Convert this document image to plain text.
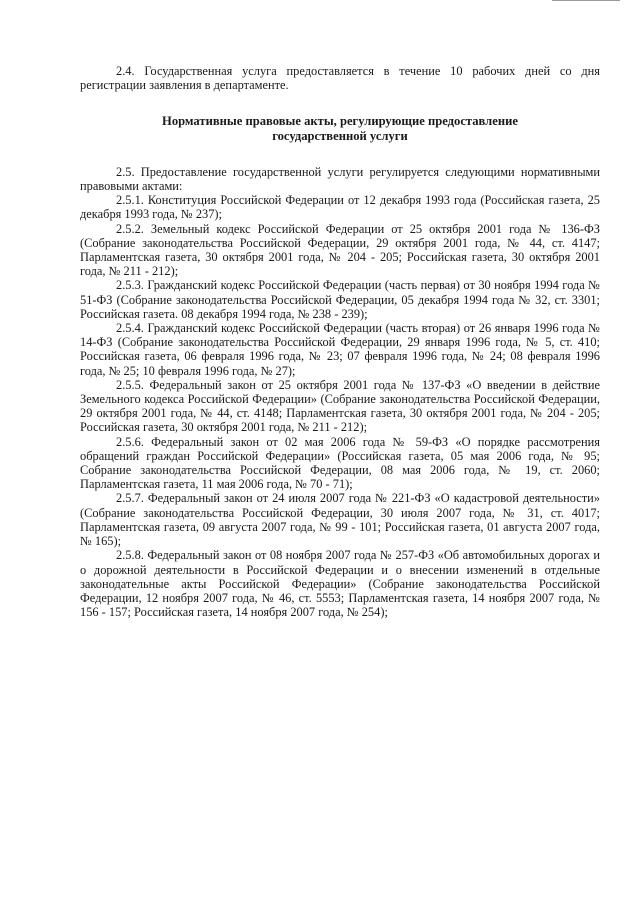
2.4. Государственная услуга предоставляется в течение 10 рабочих дней со дня регистрации заявления в департаменте.

Нормативные правовые акты, регулирующие предоставление
государственной услуги

2.5. Предоставление государственной услуги регулируется следующими нормативными правовыми актами:

2.5.1. Конституция Российской Федерации от 12 декабря 1993 года (Российская газета, 25 декабря 1993 года, № 237);

2.5.2. Земельный кодекс Российской Федерации от 25 октября 2001 года № 136-ФЗ (Собрание законодательства Российской Федерации, 29 октября 2001 года, № 44, ст. 4147; Парламентская газета, 30 октября 2001 года, № 204 - 205; Российская газета, 30 октября 2001 года, № 211 - 212);

2.5.3. Гражданский кодекс Российской Федерации (часть первая) от 30 ноября 1994 года № 51-ФЗ (Собрание законодательства Российской Федерации, 05 декабря 1994 года № 32, ст. 3301; Российская газета. 08 декабря 1994 года, № 238 - 239);

2.5.4. Гражданский кодекс Российской Федерации (часть вторая) от 26 января 1996 года № 14-ФЗ (Собрание законодательства Российской Федерации, 29 января 1996 года, № 5, ст. 410; Российская газета, 06 февраля 1996 года, № 23; 07 февраля 1996 года, № 24; 08 февраля 1996 года, № 25; 10 февраля 1996 года, № 27);

2.5.5. Федеральный закон от 25 октября 2001 года № 137-ФЗ «О введении в действие Земельного кодекса Российской Федерации» (Собрание законодательства Российской Федерации, 29 октября 2001 года, № 44, ст. 4148; Парламентская газета, 30 октября 2001 года, № 204 - 205; Российская газета, 30 октября 2001 года, № 211 - 212);

2.5.6. Федеральный закон от 02 мая 2006 года № 59-ФЗ «О порядке рассмотрения обращений граждан Российской Федерации» (Российская газета, 05 мая 2006 года, № 95; Собрание законодательства Российской Федерации, 08 мая 2006 года, № 19, ст. 2060; Парламентская газета, 11 мая 2006 года, № 70 - 71);

2.5.7. Федеральный закон от 24 июля 2007 года № 221-ФЗ «О кадастровой деятельности» (Собрание законодательства Российской Федерации, 30 июля 2007 года, № 31, ст. 4017; Парламентская газета, 09 августа 2007 года, № 99 - 101; Российская газета, 01 августа 2007 года, № 165);

2.5.8. Федеральный закон от 08 ноября 2007 года № 257-ФЗ «Об автомобильных дорогах и о дорожной деятельности в Российской Федерации и о внесении изменений в отдельные законодательные акты Российской Федерации» (Собрание законодательства Российской Федерации, 12 ноября 2007 года, № 46, ст. 5553; Парламентская газета, 14 ноября 2007 года, № 156 - 157; Российская газета, 14 ноября 2007 года, № 254);
